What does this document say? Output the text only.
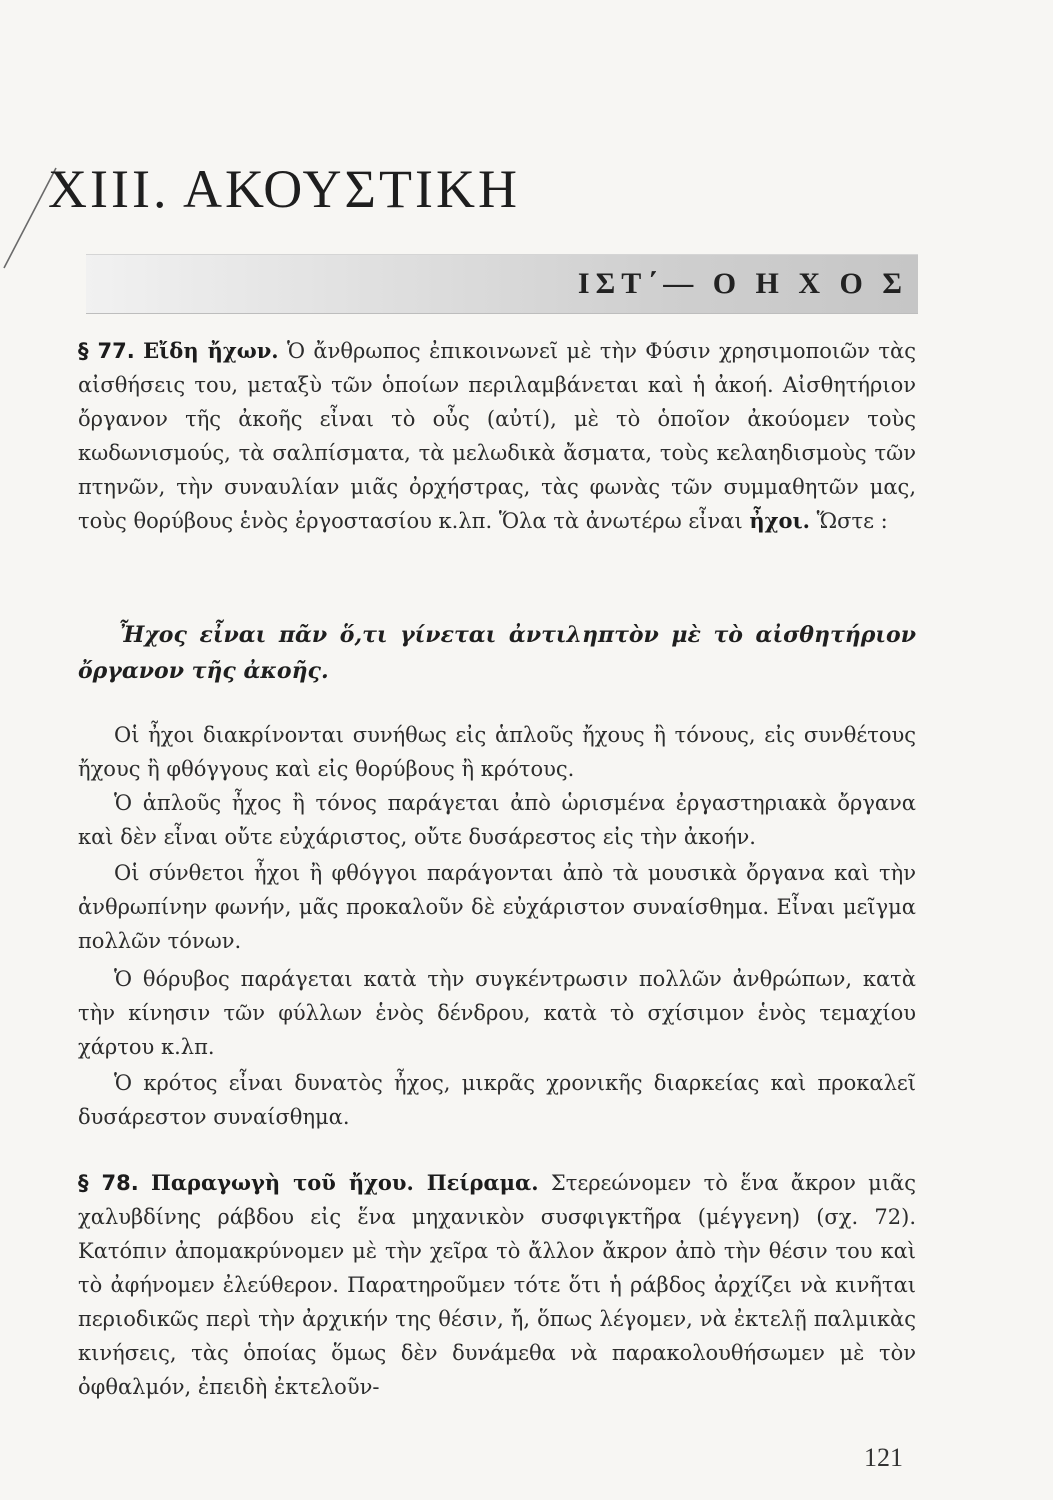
ΧΙΙΙ. ΑΚΟΥΣΤΙΚΗ
ΙΣΤ΄— Ο Η Χ Ο Σ

§ 77. Εἴδη ἤχων. Ὁ ἄνθρωπος ἐπικοινωνεῖ μὲ τὴν Φύσιν χρησιμοποιῶν τὰς αἰσθήσεις του, μεταξὺ τῶν ὁποίων περιλαμβάνεται καὶ ἡ ἀκοή. Αἰσθητήριον ὄργανον τῆς ἀκοῆς εἶναι τὸ οὖς (αὐτί), μὲ τὸ ὁποῖον ἀκούομεν τοὺς κωδωνισμούς, τὰ σαλπίσματα, τὰ μελωδικὰ ἄσματα, τοὺς κελαηδισμοὺς τῶν πτηνῶν, τὴν συναυλίαν μιᾶς ὀρχήστρας, τὰς φωνὰς τῶν συμμαθητῶν μας, τοὺς θορύβους ἑνὸς ἐργοστασίου κ.λπ. Ὅλα τὰ ἀνωτέρω εἶναι ἦχοι. Ὥστε :

Ἦχος εἶναι πᾶν ὅ,τι γίνεται ἀντιληπτὸν μὲ τὸ αἰσθητήριον ὄργανον τῆς ἀκοῆς.

Οἱ ἦχοι διακρίνονται συνήθως εἰς ἁπλοῦς ἤχους ἢ τόνους, εἰς συνθέτους ἤχους ἢ φθόγγους καὶ εἰς θορύβους ἢ κρότους.

Ὁ ἁπλοῦς ἦχος ἢ τόνος παράγεται ἀπὸ ὡρισμένα ἐργαστηριακὰ ὄργανα καὶ δὲν εἶναι οὔτε εὐχάριστος, οὔτε δυσάρεστος εἰς τὴν ἀκοήν.

Οἱ σύνθετοι ἦχοι ἢ φθόγγοι παράγονται ἀπὸ τὰ μουσικὰ ὄργανα καὶ τὴν ἀνθρωπίνην φωνήν, μᾶς προκαλοῦν δὲ εὐχάριστον συναίσθημα. Εἶναι μεῖγμα πολλῶν τόνων.

Ὁ θόρυβος παράγεται κατὰ τὴν συγκέντρωσιν πολλῶν ἀνθρώπων, κατὰ τὴν κίνησιν τῶν φύλλων ἑνὸς δένδρου, κατὰ τὸ σχίσιμον ἑνὸς τεμαχίου χάρτου κ.λπ.

Ὁ κρότος εἶναι δυνατὸς ἦχος, μικρᾶς χρονικῆς διαρκείας καὶ προκαλεῖ δυσάρεστον συναίσθημα.

§ 78. Παραγωγὴ τοῦ ἤχου. Πείραμα. Στερεώνομεν τὸ ἕνα ἄκρον μιᾶς χαλυβδίνης ράβδου εἰς ἕνα μηχανικὸν συσφιγκτῆρα (μέγγενη) (σχ. 72). Κατόπιν ἀπομακρύνομεν μὲ τὴν χεῖρα τὸ ἄλλον ἄκρον ἀπὸ τὴν θέσιν του καὶ τὸ ἀφήνομεν ἐλεύθερον. Παρατηροῦμεν τότε ὅτι ἡ ράβδος ἀρχίζει νὰ κινῆται περιοδικῶς περὶ τὴν ἀρχικήν της θέσιν, ἤ, ὅπως λέγομεν, νὰ ἐκτελῇ παλμικὰς κινήσεις, τὰς ὁποίας ὅμως δὲν δυνάμεθα νὰ παρακολουθήσωμεν μὲ τὸν ὀφθαλμόν, ἐπειδὴ ἐκτελοῦν-

121
